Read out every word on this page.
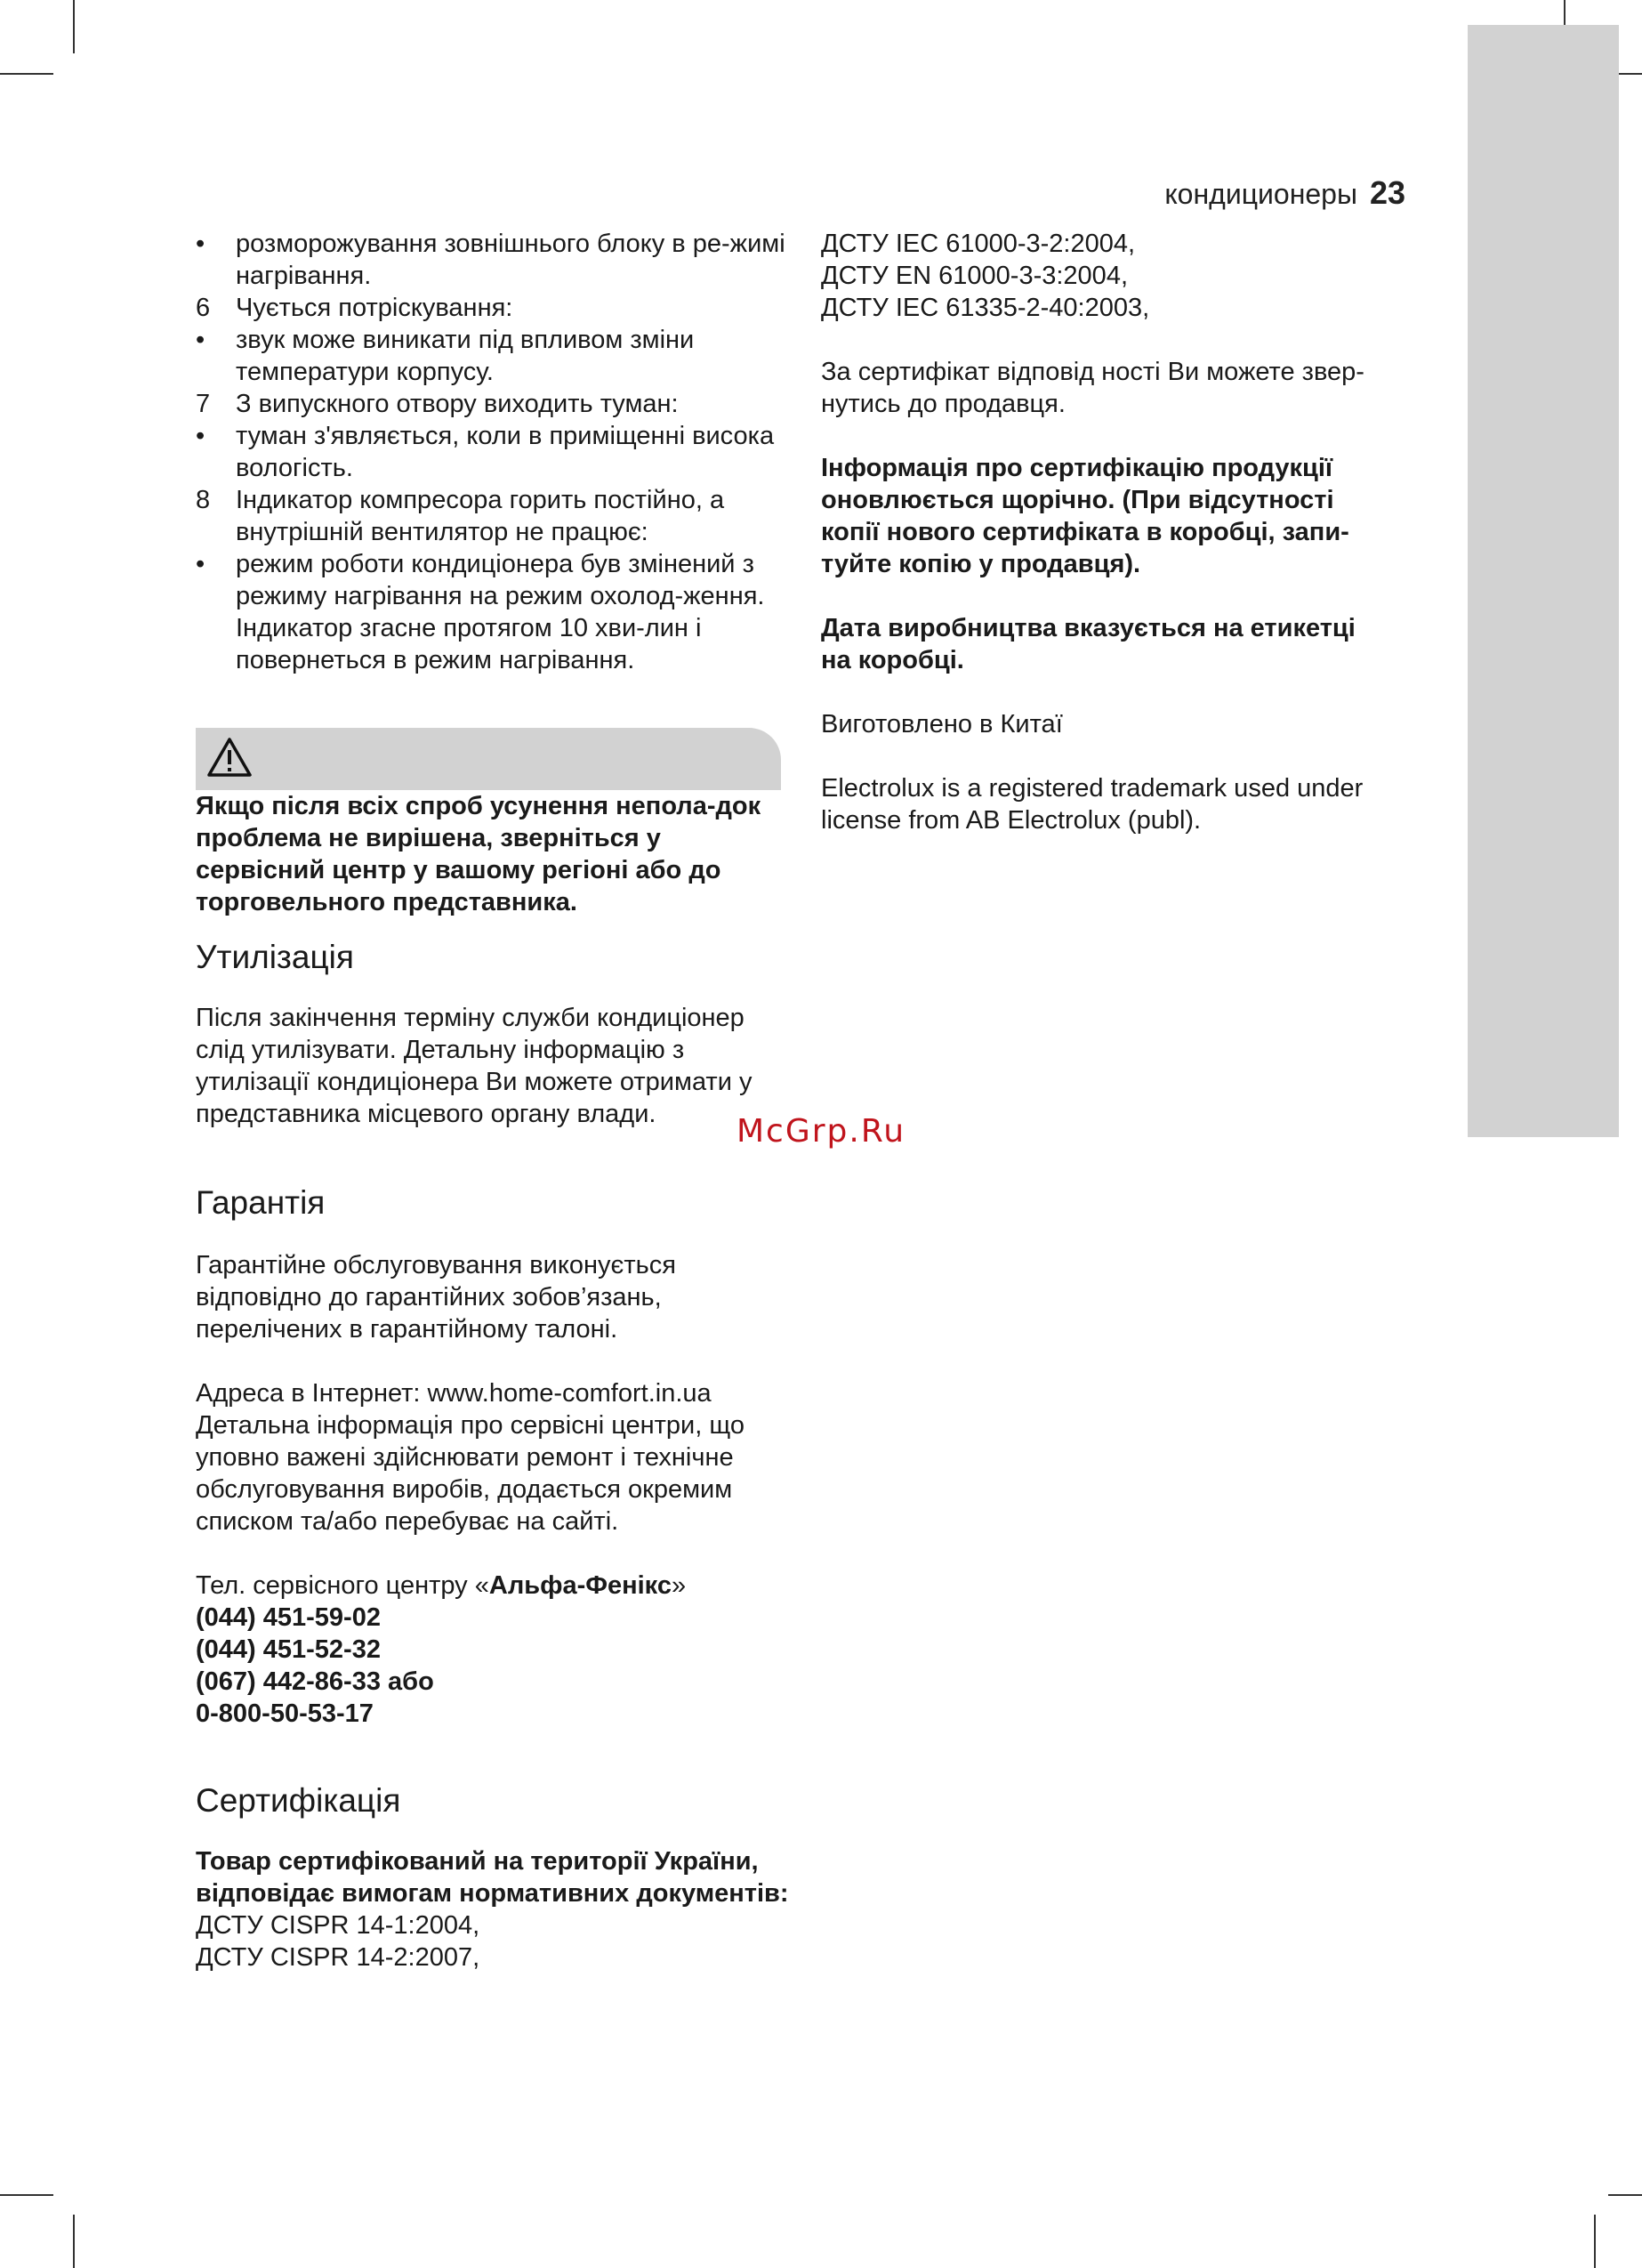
кондиционеры 23
• розморожування зовнішнього блоку в ре-жимі нагрівання.
6 Чується потріскування:
• звук може виникати під впливом зміни температури корпусу.
7 З випускного отвору виходить туман:
• туман з'являється, коли в приміщенні висока вологість.
8 Індикатор компресора горить постійно, а внутрішній вентилятор не працює:
• режим роботи кондиціонера був змінений з режиму нагрівання на режим охолод-ження. Індикатор згасне протягом 10 хви-лин і повернеться в режим нагрівання.

Якщо після всіх спроб усунення непола-док проблема не вирішена, зверніться у сервісний центр у вашому регіоні або до торговельного представника.

Утилізація

Після закінчення терміну служби кондиціонер слід утилізувати. Детальну інформацію з утилізації кондиціонера Ви можете отримати у представника місцевого органу влади.

Гарантія

Гарантійне обслуговування виконується відповідно до гарантійних зобов’язань, перелічених в гарантійному талоні.

Адреса в Інтернет: www.home-comfort.in.ua Детальна інформація про сервісні центри, що уповно важені здійснювати ремонт і технічне обслуговування виробів, додається окремим списком та/або перебуває на сайті.

Тел. сервісного центру «Альфа-Фенікс»

(044) 451-59-02
(044) 451-52-32
(067) 442-86-33 або
0-800-50-53-17
Сертифікація

Товар сертифікований на території України, відповідає вимогам нормативних документів:

ДСТУ CISPR 14-1:2004,
ДСТУ CISPR 14-2:2007,
ДСТУ IEC 61000-3-2:2004,
ДСТУ EN 61000-3-3:2004,
ДСТУ IEC 61335-2-40:2003,

За сертифікат відповід ності Ви можете звер-нутись до продавця.

Інформація про сертифікацію продукції оновлюється щорічно. (При відсутності копії нового сертифіката в коробці, запи-туйте копію у продавця).

Дата виробництва вказується на етикетці на коробці.

Виготовлено в Китаї

Electrolux is a registered trademark used under license from AB Electrolux (publ).

McGrp.Ru
